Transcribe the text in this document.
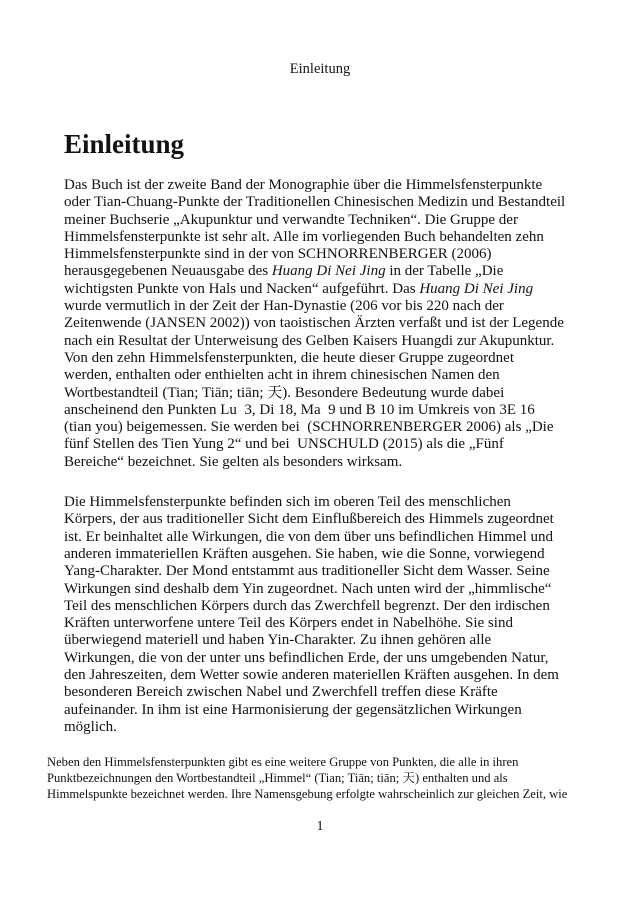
Einleitung
Einleitung
Das Buch ist der zweite Band der Monographie über die Himmelsfensterpunkte
oder Tian-Chuang-Punkte der Traditionellen Chinesischen Medizin und Bestandteil
meiner Buchserie „Akupunktur und verwandte Techniken“. Die Gruppe der
Himmelsfensterpunkte ist sehr alt. Alle im vorliegenden Buch behandelten zehn
Himmelsfensterpunkte sind in der von SCHNORRENBERGER (2006)
herausgegebenen Neuausgabe des Huang Di Nei Jing in der Tabelle „Die
wichtigsten Punkte von Hals und Nacken“ aufgeführt. Das Huang Di Nei Jing
wurde vermutlich in der Zeit der Han-Dynastie (206 vor bis 220 nach der
Zeitenwende (JANSEN 2002)) von taoistischen Ärzten verfaßt und ist der Legende
nach ein Resultat der Unterweisung des Gelben Kaisers Huangdi zur Akupunktur.
Von den zehn Himmelsfensterpunkten, die heute dieser Gruppe zugeordnet
werden, enthalten oder enthielten acht in ihrem chinesischen Namen den
Wortbestandteil (Tian; Tiān; tiān; 天). Besondere Bedeutung wurde dabei
anscheinend den Punkten Lu  3, Di 18, Ma  9 und B 10 im Umkreis von 3E 16
(tian you) beigemessen. Sie werden bei  (SCHNORRENBERGER 2006) als „Die
fünf Stellen des Tien Yung 2“ und bei  UNSCHULD (2015) als die „Fünf
Bereiche“ bezeichnet. Sie gelten als besonders wirksam.
Die Himmelsfensterpunkte befinden sich im oberen Teil des menschlichen
Körpers, der aus traditioneller Sicht dem Einflußbereich des Himmels zugeordnet
ist. Er beinhaltet alle Wirkungen, die von dem über uns befindlichen Himmel und
anderen immateriellen Kräften ausgehen. Sie haben, wie die Sonne, vorwiegend
Yang-Charakter. Der Mond entstammt aus traditioneller Sicht dem Wasser. Seine
Wirkungen sind deshalb dem Yin zugeordnet. Nach unten wird der „himmlische“
Teil des menschlichen Körpers durch das Zwerchfell begrenzt. Der den irdischen
Kräften unterworfene untere Teil des Körpers endet in Nabelhöhe. Sie sind
überwiegend materiell und haben Yin-Charakter. Zu ihnen gehören alle
Wirkungen, die von der unter uns befindlichen Erde, der uns umgebenden Natur,
den Jahreszeiten, dem Wetter sowie anderen materiellen Kräften ausgehen. In dem
besonderen Bereich zwischen Nabel und Zwerchfell treffen diese Kräfte
aufeinander. In ihm ist eine Harmonisierung der gegensätzlichen Wirkungen
möglich.
Neben den Himmelsfensterpunkten gibt es eine weitere Gruppe von Punkten, die alle in ihren
Punktbezeichnungen den Wortbestandteil „Himmel“ (Tian; Tiān; tiān; 天) enthalten und als
Himmelspunkte bezeichnet werden. Ihre Namensgebung erfolgte wahrscheinlich zur gleichen Zeit, wie
1
